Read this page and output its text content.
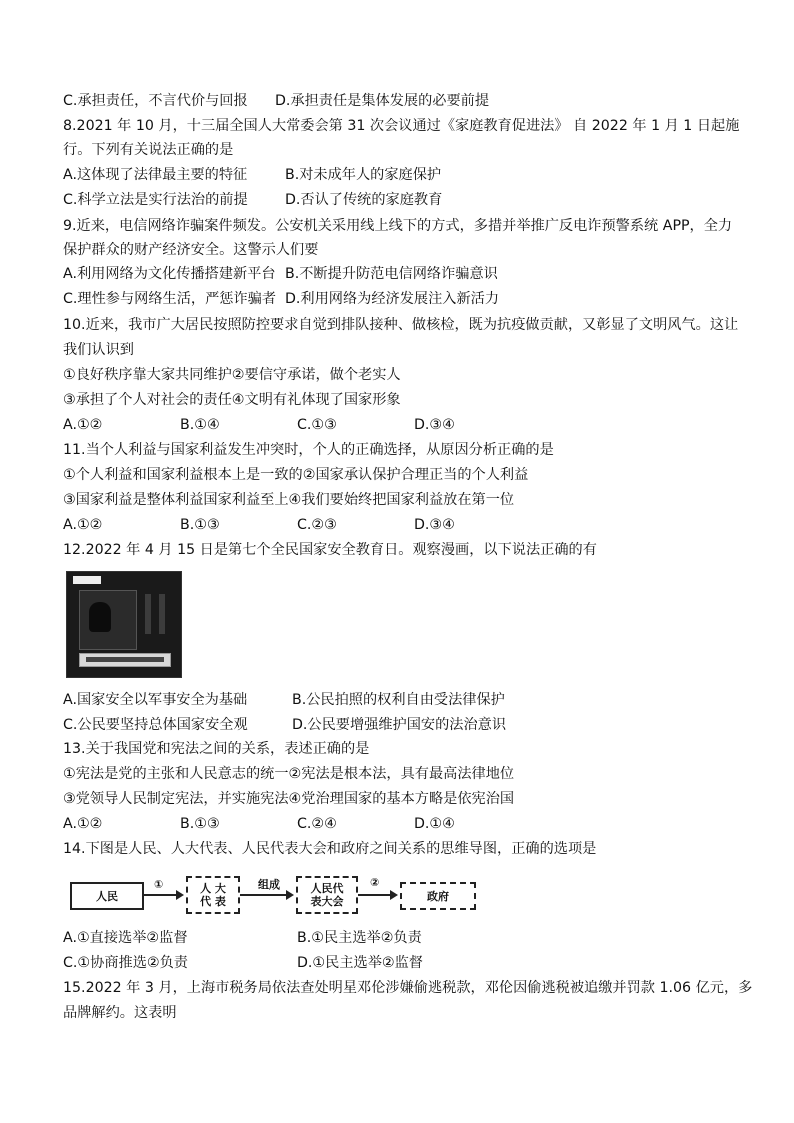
C.承担责任，不言代价与回报 D.承担责任是集体发展的必要前提
8.2021 年 10 月，十三届全国人大常委会第 31 次会议通过《家庭教育促进法》 自 2022 年 1 月 1 日起施
行。下列有关说法正确的是
A.这体现了法律最主要的特征	B.对未成年人的家庭保护
C.科学立法是实行法治的前提	D.否认了传统的家庭教育
9.近来，电信网络诈骗案件频发。公安机关采用线上线下的方式，多措并举推广反电诈预警系统 APP，全力
保护群众的财产经济安全。这警示人们要
A.利用网络为文化传播搭建新平台 B.不断提升防范电信网络诈骗意识
C.理性参与网络生活，严惩诈骗者 D.利用网络为经济发展注入新活力
10.近来，我市广大居民按照防控要求自觉到排队接种、做核检，既为抗疫做贡献，又彰显了文明风气。这让
我们认识到
①良好秩序靠大家共同维护②要信守承诺，做个老实人
③承担了个人对社会的责任④文明有礼体现了国家形象
A.①②	B.①④	C.①③	D.③④
11.当个人利益与国家利益发生冲突时，个人的正确选择，从原因分析正确的是
①个人利益和国家利益根本上是一致的②国家承认保护合理正当的个人利益
③国家利益是整体利益国家利益至上④我们要始终把国家利益放在第一位
A.①②	B.①③	C.②③	D.③④
12.2022 年 4 月 15 日是第七个全民国家安全教育日。观察漫画，以下说法正确的有
A.国家安全以军事安全为基础	B.公民拍照的权利自由受法律保护
C.公民要坚持总体国家安全观	D.公民要增强维护国安的法治意识
13.关于我国党和宪法之间的关系，表述正确的是
①宪法是党的主张和人民意志的统一②宪法是根本法，具有最高法律地位
③党领导人民制定宪法，并实施宪法④党治理国家的基本方略是依宪治国
A.①②	B.①③	C.②④	D.①④
14.下图是人民、人大代表、人民代表大会和政府之间关系的思维导图，正确的选项是
人民
①	人 大
代 表
组成	人民代
表大会
②
政府
A.①直接选举②监督	B.①民主选举②负责
C.①协商推选②负责	D.①民主选举②监督
15.2022 年 3 月，上海市税务局依法查处明星邓伦涉嫌偷逃税款，邓伦因偷逃税被追缴并罚款 1.06 亿元，多
品牌解约。这表明
